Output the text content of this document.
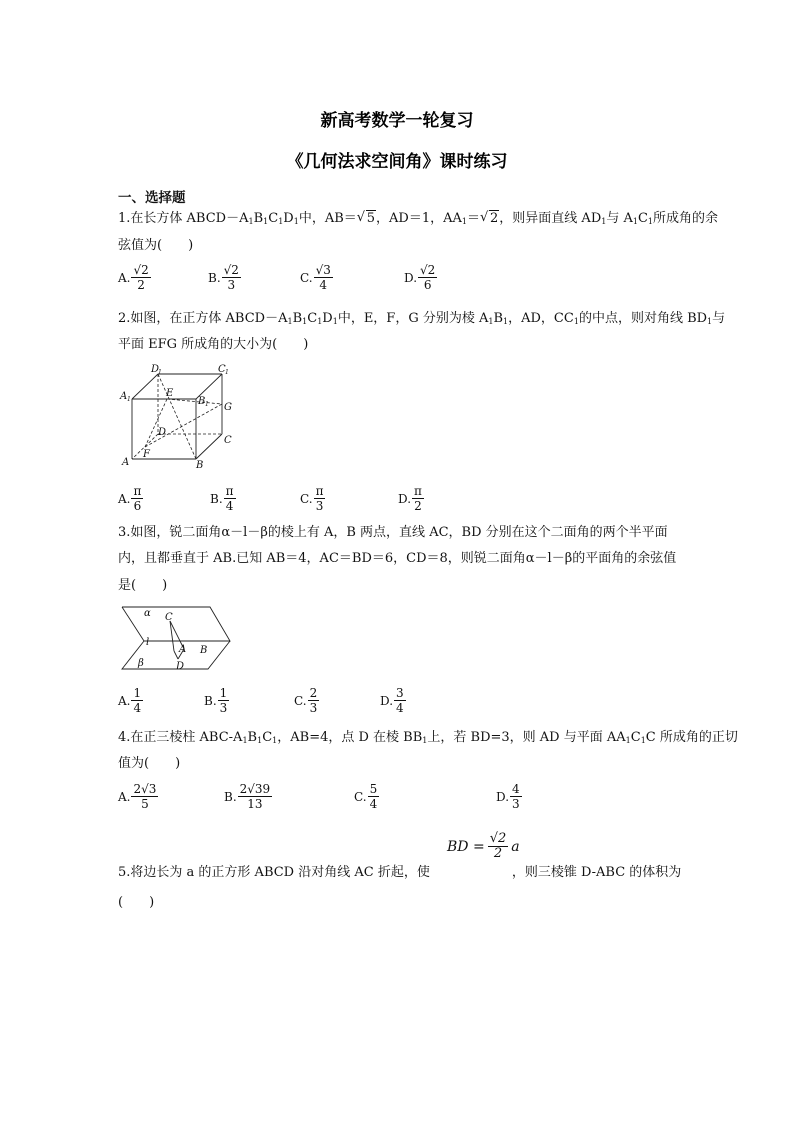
新高考数学一轮复习
《几何法求空间角》课时练习
一、选择题
1.在长方体 $ABCD-A_1B_1C_1D_1$中，AB＝√ 5，AD＝1，$AA_1=√$ 2，则异面直线 $AD_1$与 $A_1C_1$所成角的余
弦值为(　　)
A. $\frac{√2}{2}$	B. $\frac{√2}{3}$	C. $\frac{√3}{4}$	D. $\frac{√2}{6}$
2.如图，在正方体 $ABCD-A_1B_1C_1D_1$中，E，F，G 分别为棱 $A_1B_1$，AD，$CC_1$的中点，则对角线 $BD_1$与
平面 EFG 所成角的大小为(　　)
D
1	C 1
A 1
E
B 1 G
D
C
A
F
B
A. $\frac{\pi}{6}$	B. $\frac{\pi}{4}$	C. $\frac{\pi}{3}$	D. $\frac{\pi}{2}$
3.如图，锐二面角α－l－β的棱上有 A，B 两点，直线 AC，BD 分别在这个二面角的两个半平面
内，且都垂直于 AB.已知 AB＝4，AC＝BD＝6，CD＝8，则锐二面角α－l－β的平面角的余弦值
是(　　)
α C
l
A B
β	D
A. $\frac{1}{4}$	B. $\frac{1}{3}$	C. $\frac{2}{3}$	D. $\frac{3}{4}$
4.在正三棱柱 ABC-$A_1B_1C_1$，AB=4，点 D 在棱 $BB_1$上，若 BD=3，则 AD 与平面 $AA_1C_1C$ 所成角的正切
值为(　　)
A. $\frac{2√3}{5}$	B. $\frac{2√39}{13}$	C. $\frac{5}{4}$	D. $\frac{4}{3}$
BD = $\frac{√2}{2}$ a
5.将边长为 a 的正方形 ABCD 沿对角线 AC 折起，使	，则三棱锥 D-ABC 的体积为
(　　)
